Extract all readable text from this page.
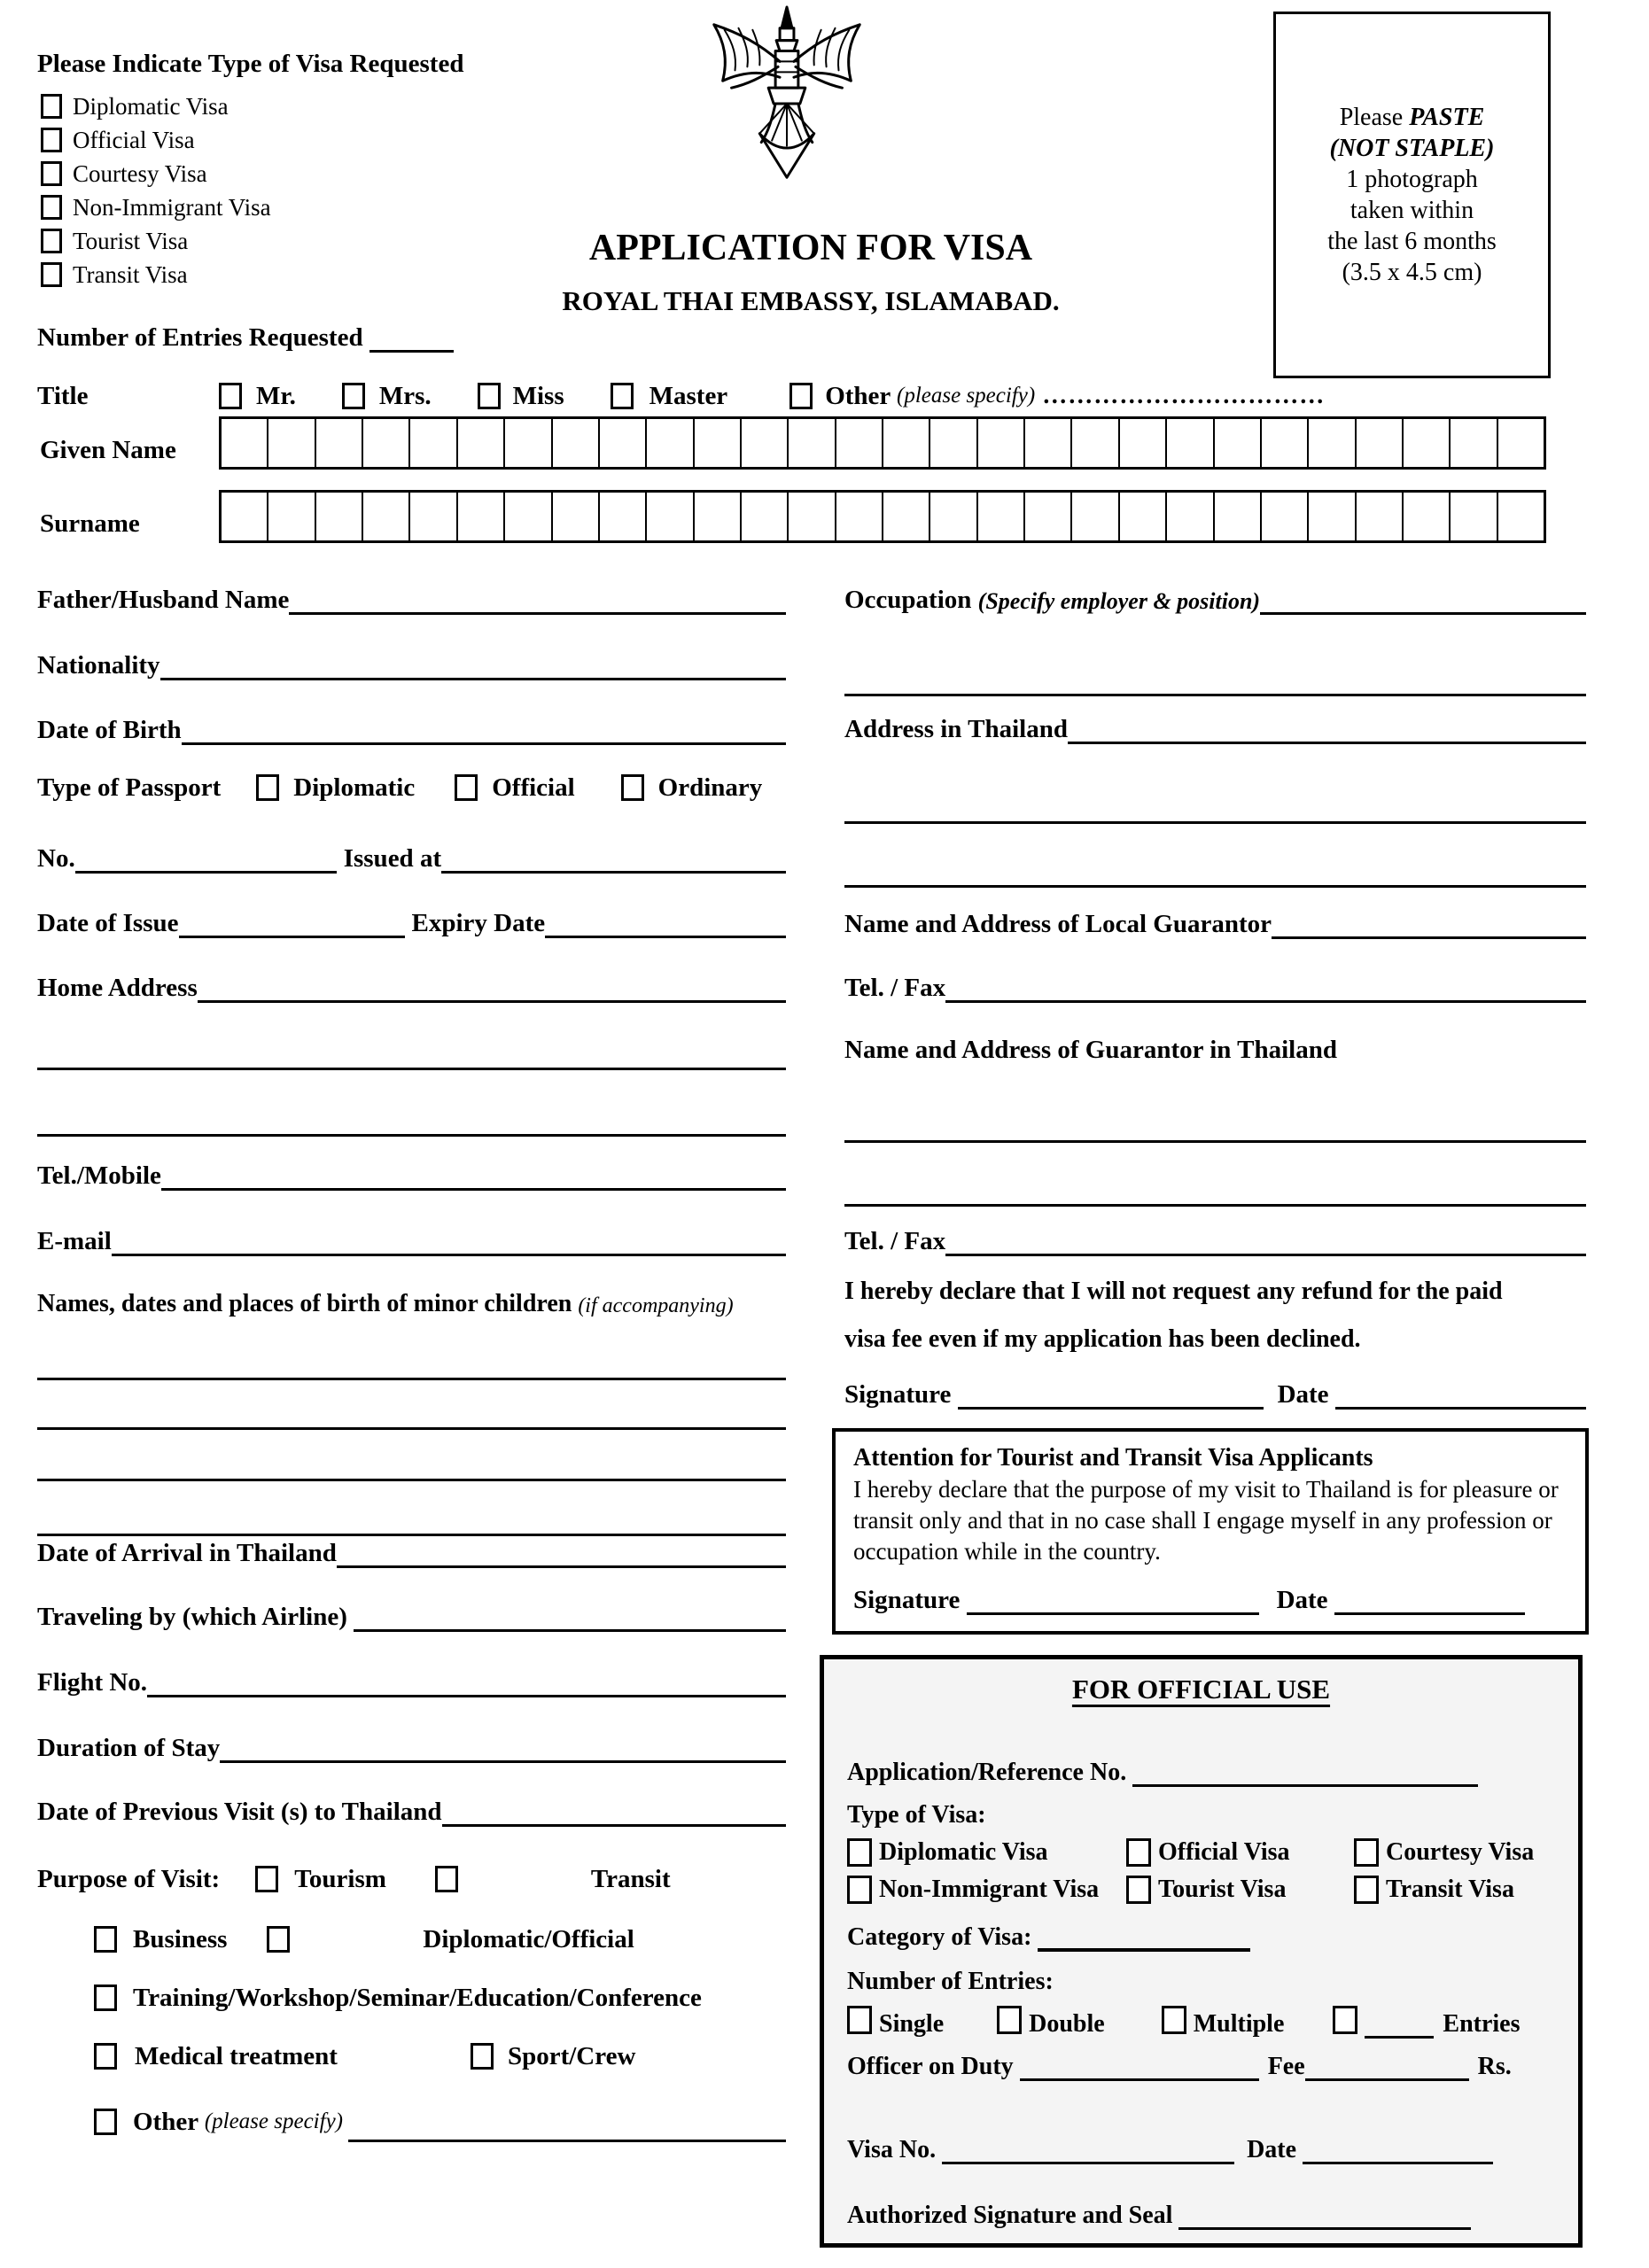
Please Indicate Type of Visa Requested
Diplomatic Visa
Official Visa
Courtesy Visa
Non-Immigrant Visa
Tourist Visa
Transit Visa
Number of Entries Requested
APPLICATION FOR VISA
ROYAL THAI EMBASSY, ISLAMABAD.
Please PASTE
(NOT STAPLE)
1 photograph
taken within
the last 6 months
(3.5 x 4.5 cm)
Title	Mr.	Mrs.	Miss	Master	Other (please specify) ……………………………
Given Name
Surname
Father/Husband Name
Nationality
Date of Birth
Type of Passport	Diplomatic	Official	Ordinary
No.	Issued at
Date of Issue	Expiry Date
Home Address
Tel./Mobile
E-mail
Names, dates and places of birth of minor children (if accompanying)
Date of Arrival in Thailand
Traveling by (which Airline)
Flight No.
Duration of Stay
Date of Previous Visit (s) to Thailand
Purpose of Visit:	Tourism	Transit
Business	Diplomatic/Official
Training/Workshop/Seminar/Education/Conference
Medical treatment	Sport/Crew
Other (please specify)
Occupation (Specify employer & position)
Address in Thailand
Name and Address of Local Guarantor
Tel. / Fax
Name and Address of Guarantor in Thailand
Tel. / Fax
I hereby declare that I will not request any refund for the paid
visa fee even if my application has been declined.
Signature	Date
Attention for Tourist and Transit Visa Applicants
I hereby declare that the purpose of my visit to Thailand is for pleasure or transit only and that in no case shall I engage myself in any profession or occupation while in the country.
Signature	Date
FOR OFFICIAL USE
Application/Reference No.
Type of Visa:
Diplomatic Visa	Official Visa	Courtesy Visa
Non-Immigrant Visa Tourist Visa	Transit Visa
Category of Visa:
Number of Entries:
Single	Double	Multiple	Entries
Officer on Duty	Fee	Rs.
Visa No.	Date
Authorized Signature and Seal
